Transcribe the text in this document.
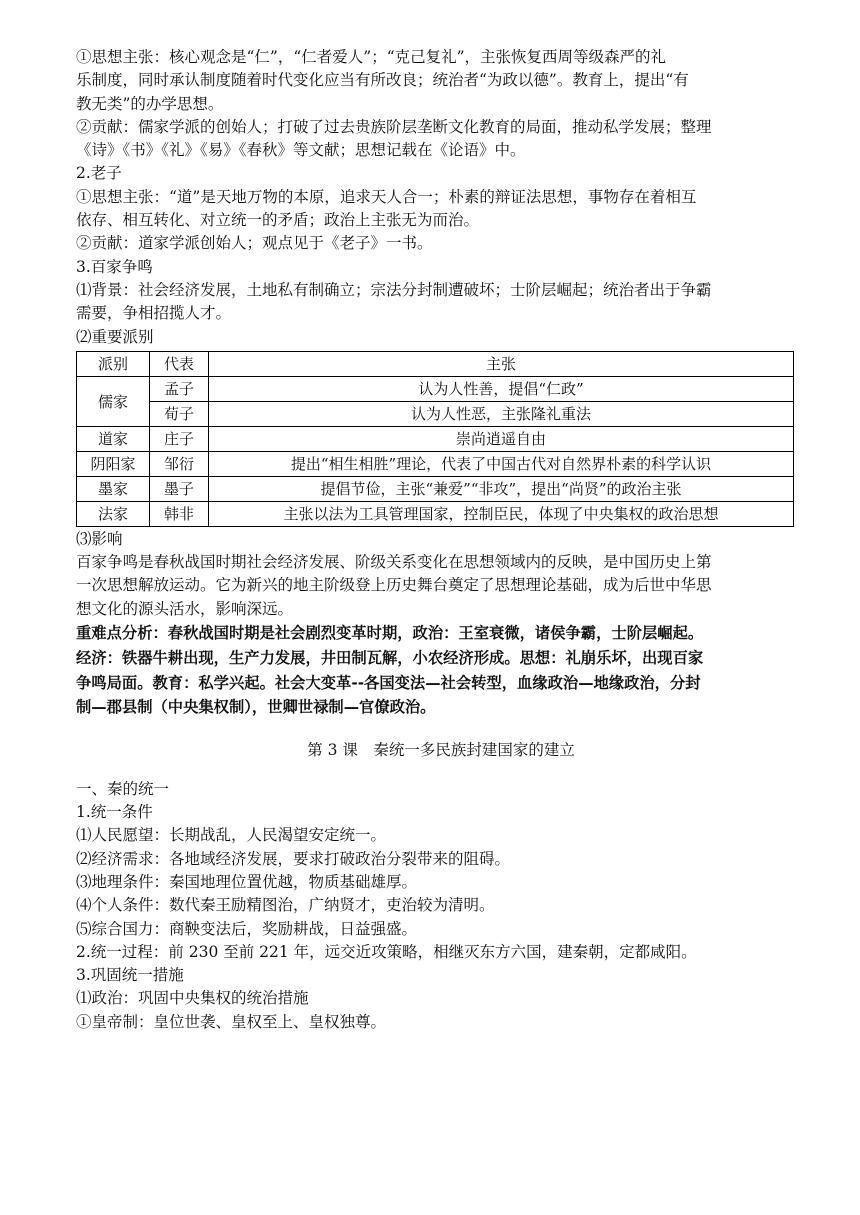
①思想主张：核心观念是“仁”，“仁者爱人”；“克己复礼”，主张恢复西周等级森严的礼

乐制度，同时承认制度随着时代变化应当有所改良；统治者“为政以德”。教育上，提出“有

教无类”的办学思想。

②贡献：儒家学派的创始人；打破了过去贵族阶层垄断文化教育的局面，推动私学发展；整理

《诗》《书》《礼》《易》《春秋》等文献；思想记载在《论语》中。

2.老子

①思想主张：“道”是天地万物的本原，追求天人合一；朴素的辩证法思想，事物存在着相互

依存、相互转化、对立统一的矛盾；政治上主张无为而治。

②贡献：道家学派创始人；观点见于《老子》一书。

3.百家争鸣

⑴背景：社会经济发展，土地私有制确立；宗法分封制遭破坏；士阶层崛起；统治者出于争霸

需要，争相招揽人才。

⑵重要派别

派别	代表	主张
儒家	孟子	认为人性善，提倡“仁政”
	荀子	认为人性恶，主张隆礼重法
道家	庄子	崇尚逍遥自由
阴阳家	邹衍	提出“相生相胜”理论，代表了中国古代对自然界朴素的科学认识
墨家	墨子	提倡节俭，主张“兼爱”“非攻”，提出“尚贤”的政治主张
法家	韩非	主张以法为工具管理国家，控制臣民，体现了中央集权的政治思想

⑶影响

百家争鸣是春秋战国时期社会经济发展、阶级关系变化在思想领域内的反映，是中国历史上第

一次思想解放运动。它为新兴的地主阶级登上历史舞台奠定了思想理论基础，成为后世中华思

想文化的源头活水，影响深远。

重难点分析：春秋战国时期是社会剧烈变革时期，政治：王室衰微，诸侯争霸，士阶层崛起。

经济：铁器牛耕出现，生产力发展，井田制瓦解，小农经济形成。思想：礼崩乐坏，出现百家

争鸣局面。教育：私学兴起。社会大变革--各国变法—社会转型，血缘政治—地缘政治，分封

制—郡县制（中央集权制），世卿世禄制—官僚政治。

第 3 课　秦统一多民族封建国家的建立

一、秦的统一

1.统一条件

⑴人民愿望：长期战乱，人民渴望安定统一。

⑵经济需求：各地域经济发展，要求打破政治分裂带来的阻碍。

⑶地理条件：秦国地理位置优越，物质基础雄厚。

⑷个人条件：数代秦王励精图治，广纳贤才，吏治较为清明。

⑸综合国力：商鞅变法后，奖励耕战，日益强盛。

2.统一过程：前 230 至前 221 年，远交近攻策略，相继灭东方六国，建秦朝，定都咸阳。

3.巩固统一措施

⑴政治：巩固中央集权的统治措施

①皇帝制：皇位世袭、皇权至上、皇权独尊。
